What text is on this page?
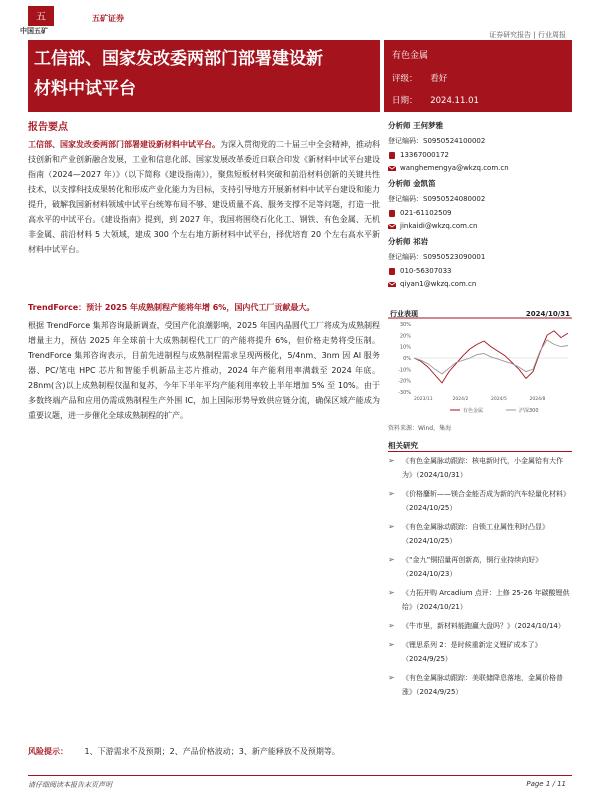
五
中国五矿
五矿证券
证券研究报告 | 行业周报
工信部、国家发改委两部门部署建设新
材料中试平台
有色金属
评级： 看好
日期： 2024.11.01
报告要点
工信部、国家发改委两部门部署建设新材料中试平台。为深入贯彻党的二十届三中全会精神，推动科技创新和产业创新融合发展，工业和信息化部、国家发展改革委近日联合印发《新材料中试平台建设指南（2024—2027 年）》（以下简称《建设指南》），聚焦短板材料突破和前沿材料创新的关键共性技术，以支撑科技成果转化和形成产业化能力为目标，支持引导地方开展新材料中试平台建设和能力提升，破解我国新材料领域中试平台统筹布局不够、建设质量不高、服务支撑不足等问题，打造一批高水平的中试平台。《建设指南》提到，到 2027 年，我国将围绕石化化工、钢铁、有色金属、无机非金属、前沿材料 5 大领域，建成 300 个左右地方新材料中试平台，择优培育 20 个左右高水平新材料中试平台。
TrendForce：预计 2025 年成熟制程产能将年增 6%，国内代工厂贡献最大。
根据 TrendForce 集邦咨询最新调查，受国产化浪潮影响，2025 年国内晶圆代工厂将成为成熟制程增量主力，预估 2025 年全球前十大成熟制程代工厂的产能将提升 6%，但价格走势将受压制。TrendForce 集邦咨询表示，目前先进制程与成熟制程需求呈现两极化，5/4nm、3nm 因 AI 服务器、PC/笔电 HPC 芯片和智能手机新品主芯片推动，2024 年产能利用率满载至 2024 年底。28nm(含)以上成熟制程仅温和复苏，今年下半年平均产能利用率较上半年增加 5% 至 10%。由于多数终端产品和应用仍需成熟制程生产外围 IC，加上国际形势导致供应链分流，确保区域产能成为重要议题，进一步催化全球成熟制程的扩产。
分析师 王何梦雅
登记编码：S0950524100002
13367000172
wanghemengya@wkzq.com.cn
分析师 金凯笛
登记编码：S0950524080002
021-61102509
jinkaidi@wkzq.com.cn
分析师 祁岩
登记编码：S0950523090001
010-56307033
qiyan1@wkzq.com.cn
行业表现	2024/10/31
30%
20%
10%
0%
-10%
-20%
-30%
2023/11	2024/2	2024/5	2024/8
有色金属	沪深300
资料来源：Wind，集海
相关研究
➢	《有色金属脉动跟踪：核电新时代，小金属铪有大作为》（2024/10/31）
➢	《价格鏖斩——镁合金能否成为新的汽车轻量化材料》（2024/10/25）
➢	《有色金属脉动跟踪：自锁工业属性利时凸显》（2024/10/25）
➢	《“金九”铜招量再创新高，铜行业持续向好》（2024/10/23）
➢	《力拓并购 Arcadium 点评：上修 25-26 年碳酸锂供给》（2024/10/21）
➢	《牛市里，新材料能跑赢大盘吗？》（2024/10/14）
➢	《锂思系列 2：是时候重新定义锂矿成本了》（2024/9/25）
➢	《有色金属脉动跟踪：美联储降息落地，金属价格普涨》（2024/9/25）
风险提示： 1、下游需求不及预期；2、产品价格波动；3、新产能释放不及预期等。
请仔细阅读本报告末页声明	Page 1 / 11
